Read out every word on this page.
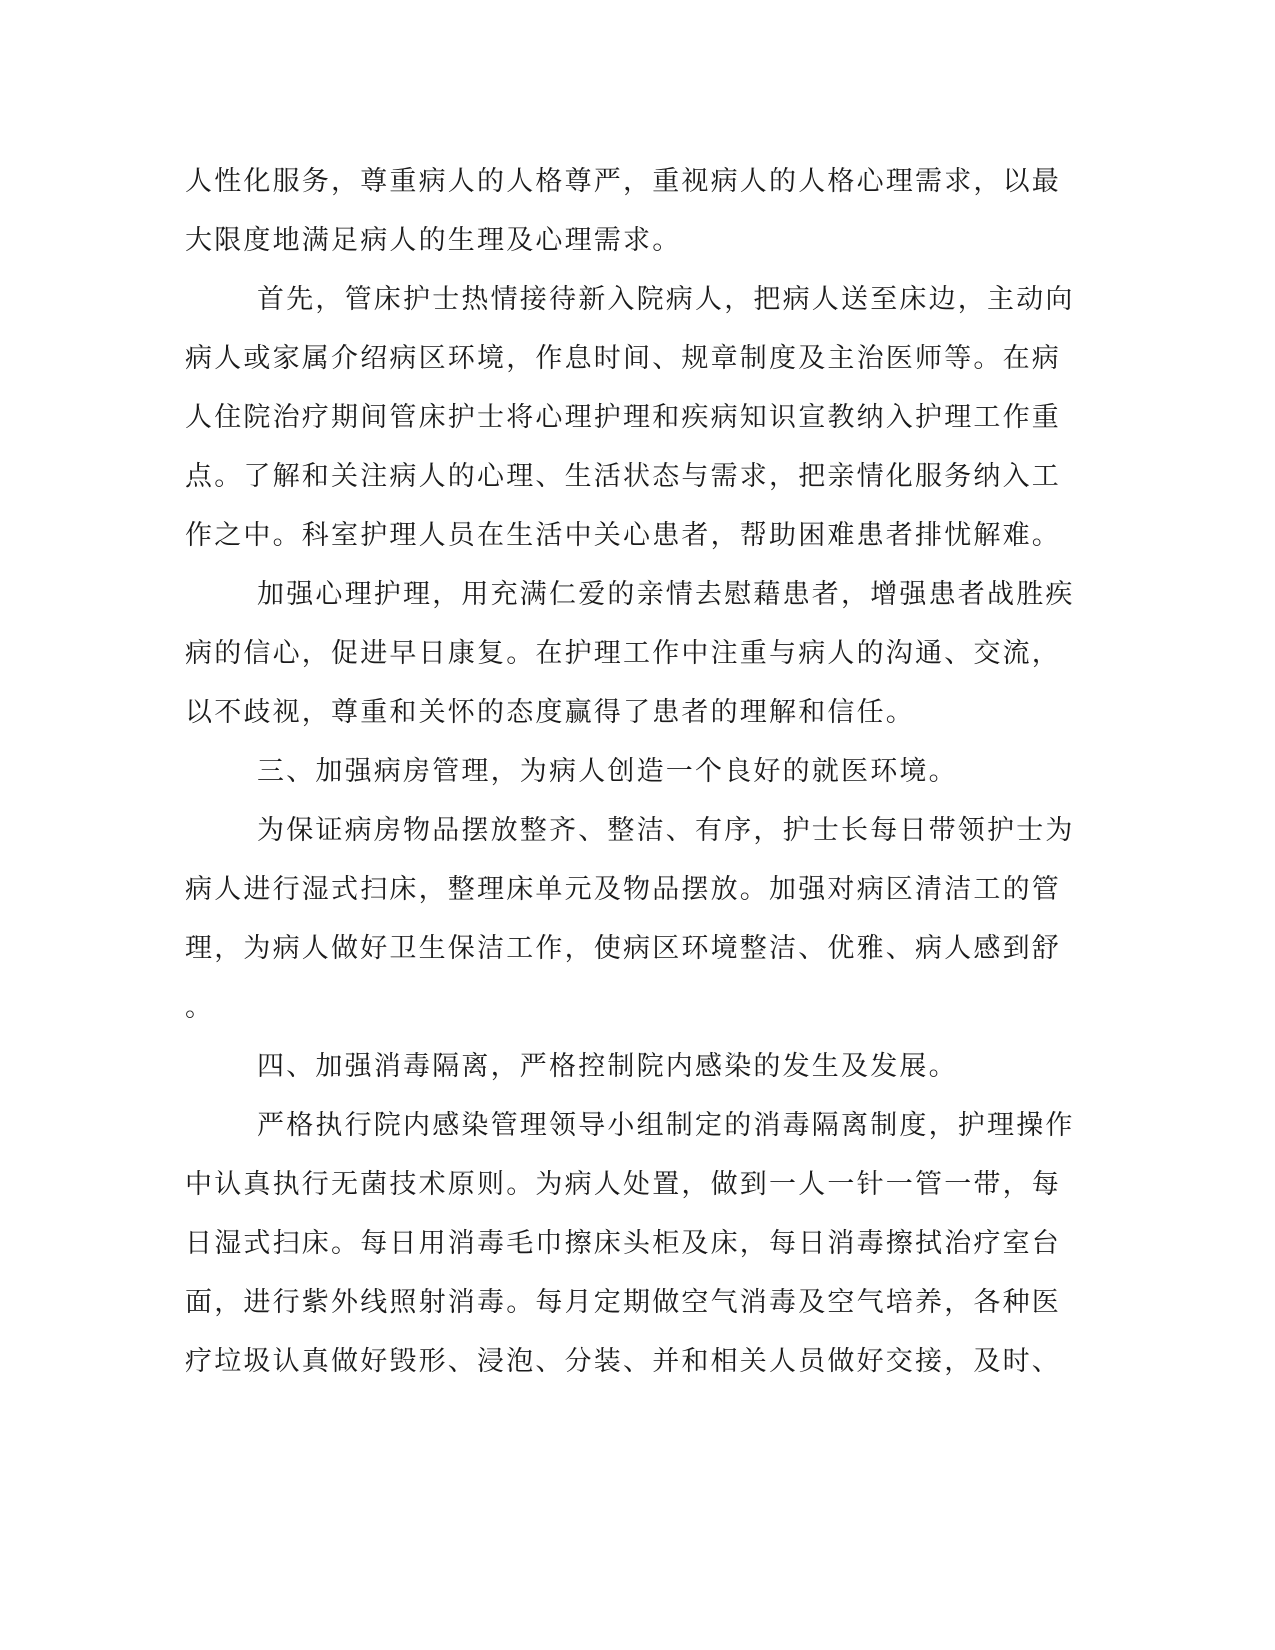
人性化服务，尊重病人的人格尊严，重视病人的人格心理需求，以最
大限度地满足病人的生理及心理需求。
首先，管床护士热情接待新入院病人，把病人送至床边，主动向
病人或家属介绍病区环境，作息时间、规章制度及主治医师等。在病
人住院治疗期间管床护士将心理护理和疾病知识宣教纳入护理工作重
点。了解和关注病人的心理、生活状态与需求，把亲情化服务纳入工
作之中。科室护理人员在生活中关心患者，帮助困难患者排忧解难。
加强心理护理，用充满仁爱的亲情去慰藉患者，增强患者战胜疾
病的信心，促进早日康复。在护理工作中注重与病人的沟通、交流，
以不歧视，尊重和关怀的态度赢得了患者的理解和信任。
三、加强病房管理，为病人创造一个良好的就医环境。
为保证病房物品摆放整齐、整洁、有序，护士长每日带领护士为
病人进行湿式扫床，整理床单元及物品摆放。加强对病区清洁工的管
理，为病人做好卫生保洁工作，使病区环境整洁、优雅、病人感到舒
。
四、加强消毒隔离，严格控制院内感染的发生及发展。
严格执行院内感染管理领导小组制定的消毒隔离制度，护理操作
中认真执行无菌技术原则。为病人处置，做到一人一针一管一带，每
日湿式扫床。每日用消毒毛巾擦床头柜及床，每日消毒擦拭治疗室台
面，进行紫外线照射消毒。每月定期做空气消毒及空气培养，各种医
疗垃圾认真做好毁形、浸泡、分装、并和相关人员做好交接，及时、
